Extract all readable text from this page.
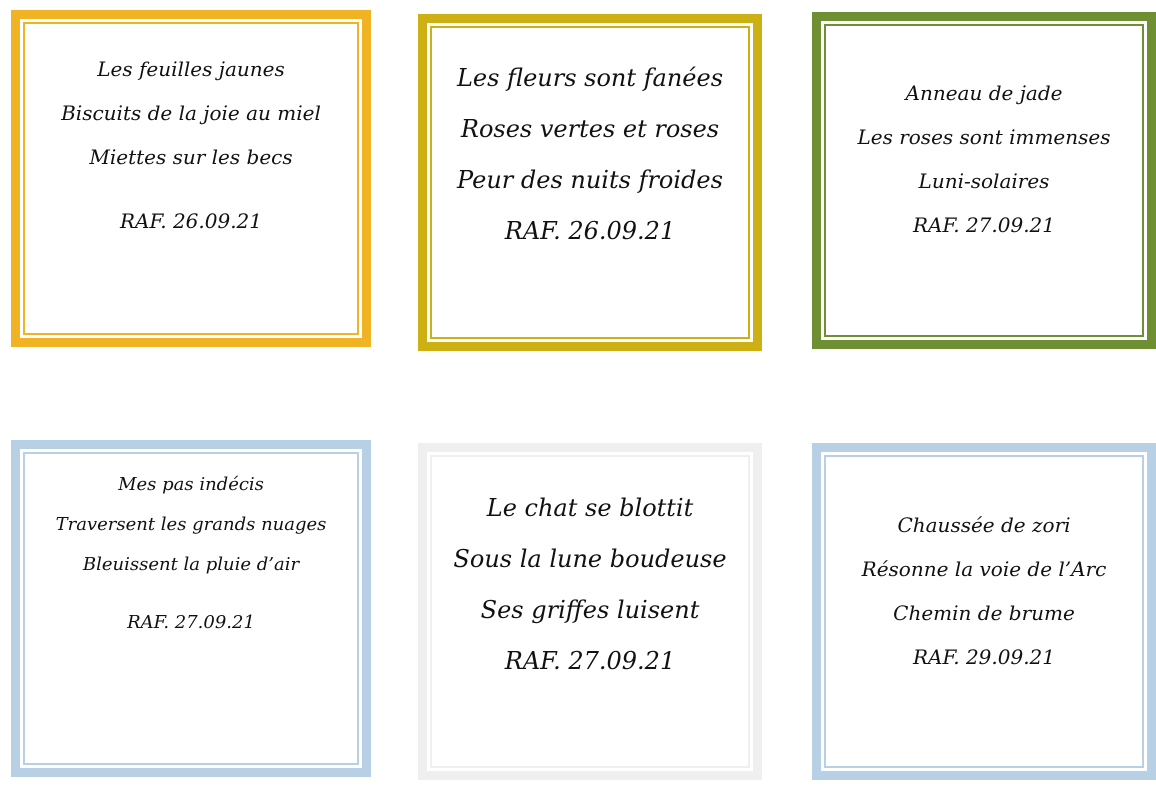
Les feuilles jaunes

Biscuits de la joie au miel

Miettes sur les becs

RAF. 26.09.21

Les fleurs sont fanées

Roses vertes et roses

Peur des nuits froides

RAF. 26.09.21

Anneau de jade

Les roses sont immenses

Luni-solaires

RAF. 27.09.21

Mes pas indécis

Traversent les grands nuages

Bleuissent la pluie d’air

RAF. 27.09.21

Le chat se blottit

Sous la lune boudeuse

Ses griffes luisent

RAF. 27.09.21

Chaussée de zori

Résonne la voie de l’Arc

Chemin de brume

RAF. 29.09.21
